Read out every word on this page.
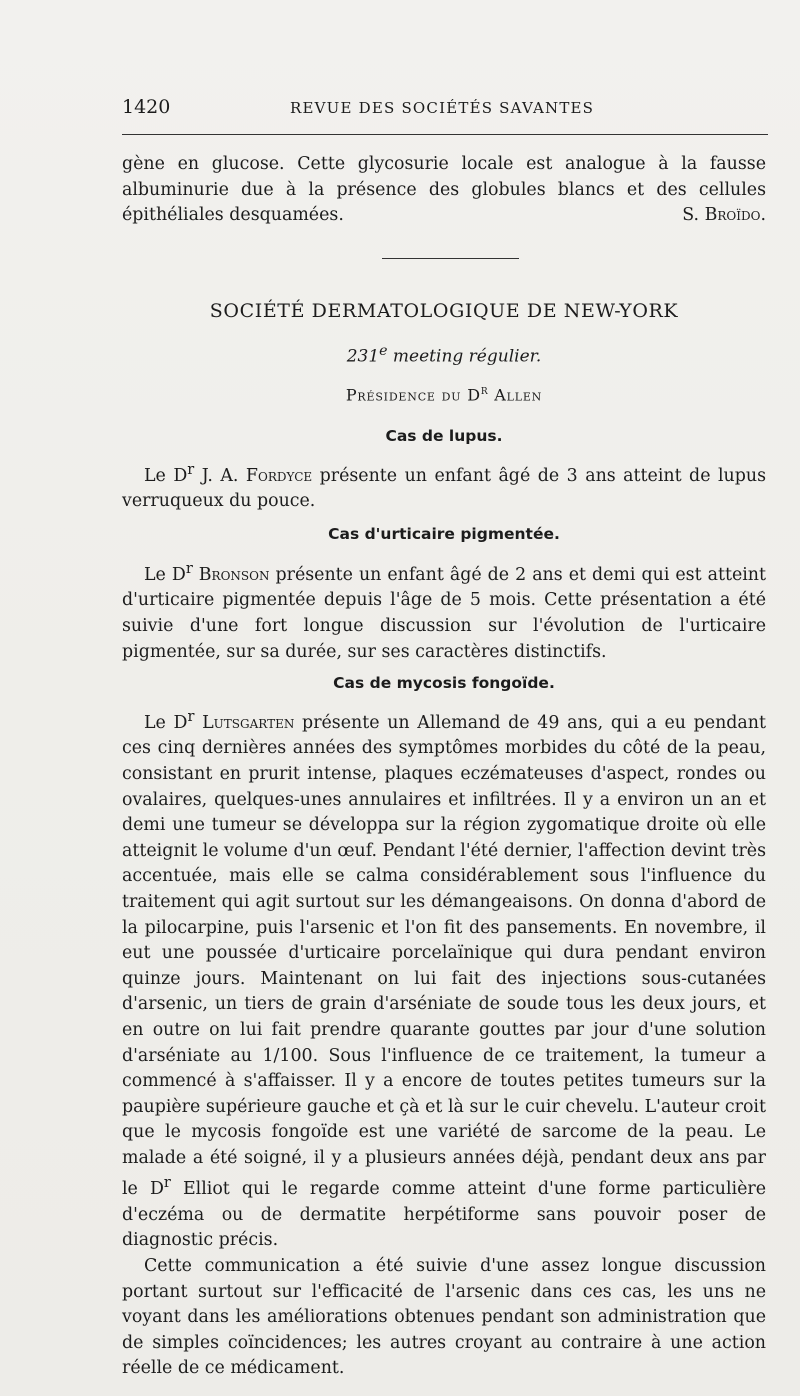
1420	REVUE DES SOCIÉTÉS SAVANTES

gène en glucose. Cette glycosurie locale est analogue à la fausse albuminurie due à la présence des globules blancs et des cellules épithéliales desquamées.	S. Broïdo.

SOCIÉTÉ DERMATOLOGIQUE DE NEW-YORK

231e meeting régulier.

Présidence du $D^r$ Allen

Cas de lupus.

Le $D^r$ J. A. Fordyce présente un enfant âgé de 3 ans atteint de lupus verruqueux du pouce.

Cas d'urticaire pigmentée.

Le $D^r$ Bronson présente un enfant âgé de 2 ans et demi qui est atteint d'urticaire pigmentée depuis l'âge de 5 mois. Cette présentation a été suivie d'une fort longue discussion sur l'évolution de l'urticaire pigmentée, sur sa durée, sur ses caractères distinctifs.

Cas de mycosis fongoïde.

Le $D^r$ Lutsgarten présente un Allemand de 49 ans, qui a eu pendant ces cinq dernières années des symptômes morbides du côté de la peau, consistant en prurit intense, plaques eczémateuses d'aspect, rondes ou ovalaires, quelques-unes annulaires et infiltrées. Il y a environ un an et demi une tumeur se développa sur la région zygomatique droite où elle atteignit le volume d'un œuf. Pendant l'été dernier, l'affection devint très accentuée, mais elle se calma considérablement sous l'influence du traitement qui agit surtout sur les démangeaisons. On donna d'abord de la pilocarpine, puis l'arsenic et l'on fit des pansements. En novembre, il eut une poussée d'urticaire porcelaïnique qui dura pendant environ quinze jours. Maintenant on lui fait des injections sous-cutanées d'arsenic, un tiers de grain d'arséniate de soude tous les deux jours, et en outre on lui fait prendre quarante gouttes par jour d'une solution d'arséniate au 1/100. Sous l'influence de ce traitement, la tumeur a commencé à s'affaisser. Il y a encore de toutes petites tumeurs sur la paupière supérieure gauche et çà et là sur le cuir chevelu. L'auteur croit que le mycosis fongoïde est une variété de sarcome de la peau. Le malade a été soigné, il y a plusieurs années déjà, pendant deux ans par le $D^r$ Elliot qui le regarde comme atteint d'une forme particulière d'eczéma ou de dermatite herpétiforme sans pouvoir poser de diagnostic précis.

Cette communication a été suivie d'une assez longue discussion portant surtout sur l'efficacité de l'arsenic dans ces cas, les uns ne voyant dans les améliorations obtenues pendant son administration que de simples coïncidences; les autres croyant au contraire à une action réelle de ce médicament.
